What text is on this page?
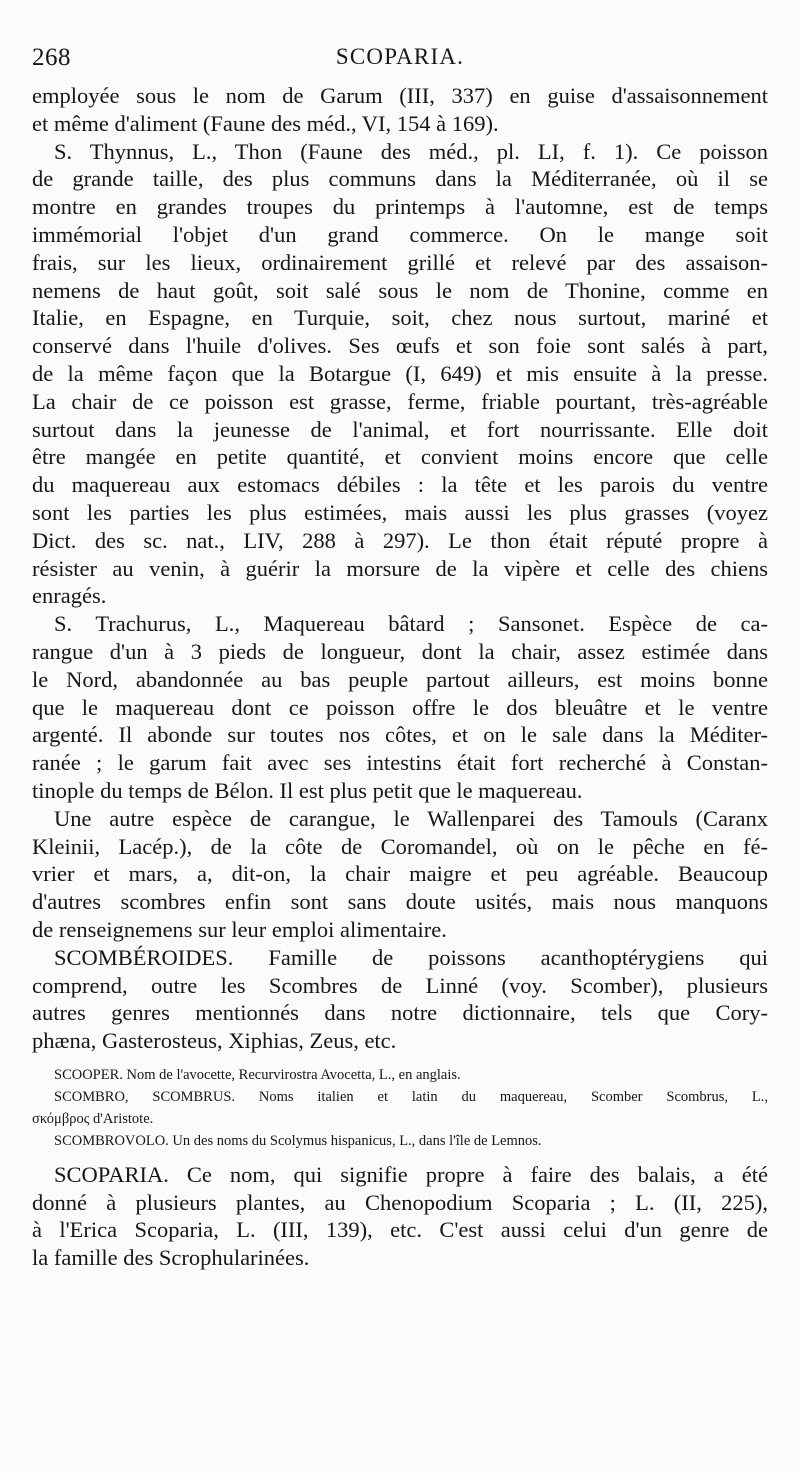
268	SCOPARIA.
employée sous le nom de Garum (III, 337) en guise d'assaisonnement
et même d'aliment (Faune des méd., VI, 154 à 169).
S. Thynnus, L., Thon (Faune des méd., pl. LI, f. 1). Ce poisson
de grande taille, des plus communs dans la Méditerranée, où il se
montre en grandes troupes du printemps à l'automne, est de temps
immémorial l'objet d'un grand commerce. On le mange soit
frais, sur les lieux, ordinairement grillé et relevé par des assaison-
nemens de haut goût, soit salé sous le nom de Thonine, comme en
Italie, en Espagne, en Turquie, soit, chez nous surtout, mariné et
conservé dans l'huile d'olives. Ses œufs et son foie sont salés à part,
de la même façon que la Botargue (I, 649) et mis ensuite à la presse.
La chair de ce poisson est grasse, ferme, friable pourtant, très-agréable
surtout dans la jeunesse de l'animal, et fort nourrissante. Elle doit
être mangée en petite quantité, et convient moins encore que celle
du maquereau aux estomacs débiles : la tête et les parois du ventre
sont les parties les plus estimées, mais aussi les plus grasses (voyez
Dict. des sc. nat., LIV, 288 à 297). Le thon était réputé propre à
résister au venin, à guérir la morsure de la vipère et celle des chiens
enragés.
S. Trachurus, L., Maquereau bâtard ; Sansonet. Espèce de ca-
rangue d'un à 3 pieds de longueur, dont la chair, assez estimée dans
le Nord, abandonnée au bas peuple partout ailleurs, est moins bonne
que le maquereau dont ce poisson offre le dos bleuâtre et le ventre
argenté. Il abonde sur toutes nos côtes, et on le sale dans la Méditer-
ranée ; le garum fait avec ses intestins était fort recherché à Constan-
tinople du temps de Bélon. Il est plus petit que le maquereau.
Une autre espèce de carangue, le Wallenparei des Tamouls (Caranx
Kleinii, Lacép.), de la côte de Coromandel, où on le pêche en fé-
vrier et mars, a, dit-on, la chair maigre et peu agréable. Beaucoup
d'autres scombres enfin sont sans doute usités, mais nous manquons
de renseignemens sur leur emploi alimentaire.
SCOMBÉROIDES. Famille de poissons acanthoptérygiens qui
comprend, outre les Scombres de Linné (voy. Scomber), plusieurs
autres genres mentionnés dans notre dictionnaire, tels que Cory-
phæna, Gasterosteus, Xiphias, Zeus, etc.
SCOOPER. Nom de l'avocette, Recurvirostra Avocetta, L., en anglais.
SCOMBRO, SCOMBRUS. Noms italien et latin du maquereau, Scomber Scombrus, L.,
σκόμβρος d'Aristote.
SCOMBROVOLO. Un des noms du Scolymus hispanicus, L., dans l'île de Lemnos.
SCOPARIA. Ce nom, qui signifie propre à faire des balais, a été
donné à plusieurs plantes, au Chenopodium Scoparia ; L. (II, 225),
à l'Erica Scoparia, L. (III, 139), etc. C'est aussi celui d'un genre de
la famille des Scrophularinées.
